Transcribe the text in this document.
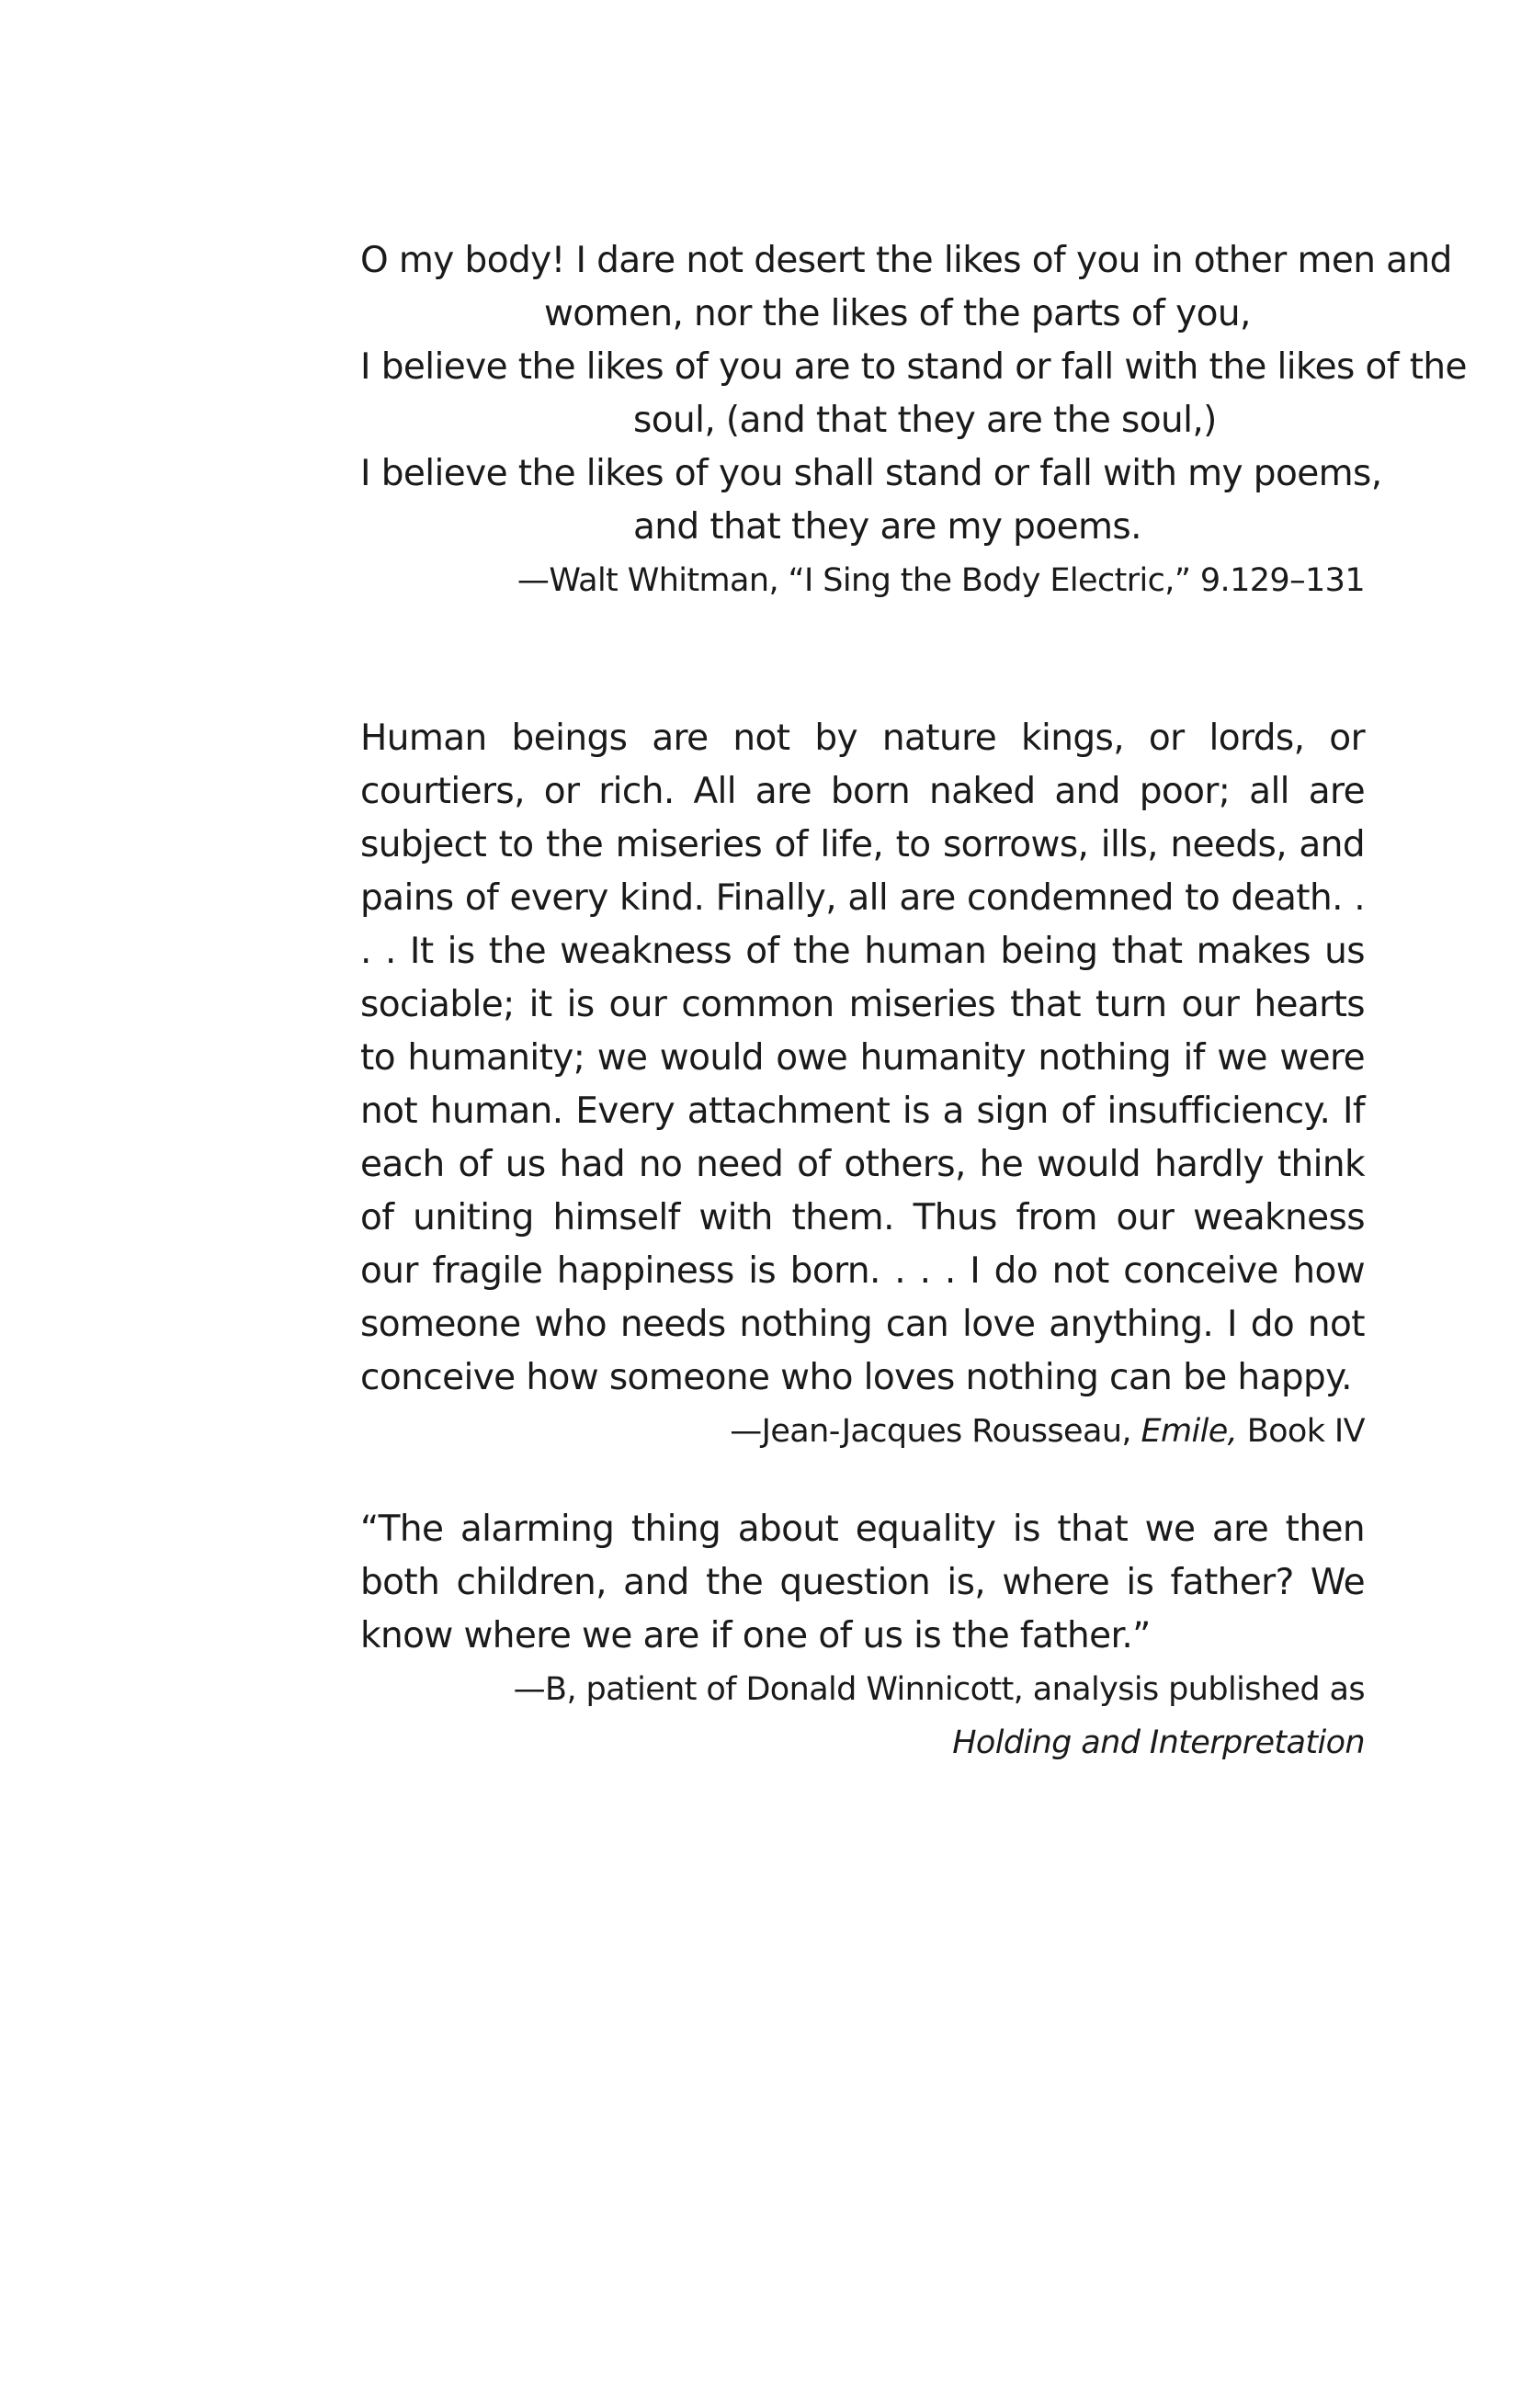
O my body! I dare not desert the likes of you in other men and
women, nor the likes of the parts of you,
I believe the likes of you are to stand or fall with the likes of the
soul, (and that they are the soul,)
I believe the likes of you shall stand or fall with my poems,
and that they are my poems.
—Walt Whitman, “I Sing the Body Electric,” 9.129–131

Human beings are not by nature kings, or lords, or courtiers, or rich. All are born naked and poor; all are subject to the miseries of life, to sorrows, ills, needs, and pains of every kind. Finally, all are condemned to death. . . . It is the weakness of the human being that makes us sociable; it is our common miseries that turn our hearts to humanity; we would owe humanity nothing if we were not human. Every attachment is a sign of insufficiency. If each of us had no need of others, he would hardly think of uniting himself with them. Thus from our weakness our fragile happiness is born. . . . I do not conceive how someone who needs nothing can love anything. I do not conceive how someone who loves nothing can be happy.

—Jean-Jacques Rousseau, Emile, Book IV

“The alarming thing about equality is that we are then both children, and the question is, where is father? We know where we are if one of us is the father.”

—B, patient of Donald Winnicott, analysis published as
Holding and Interpretation
